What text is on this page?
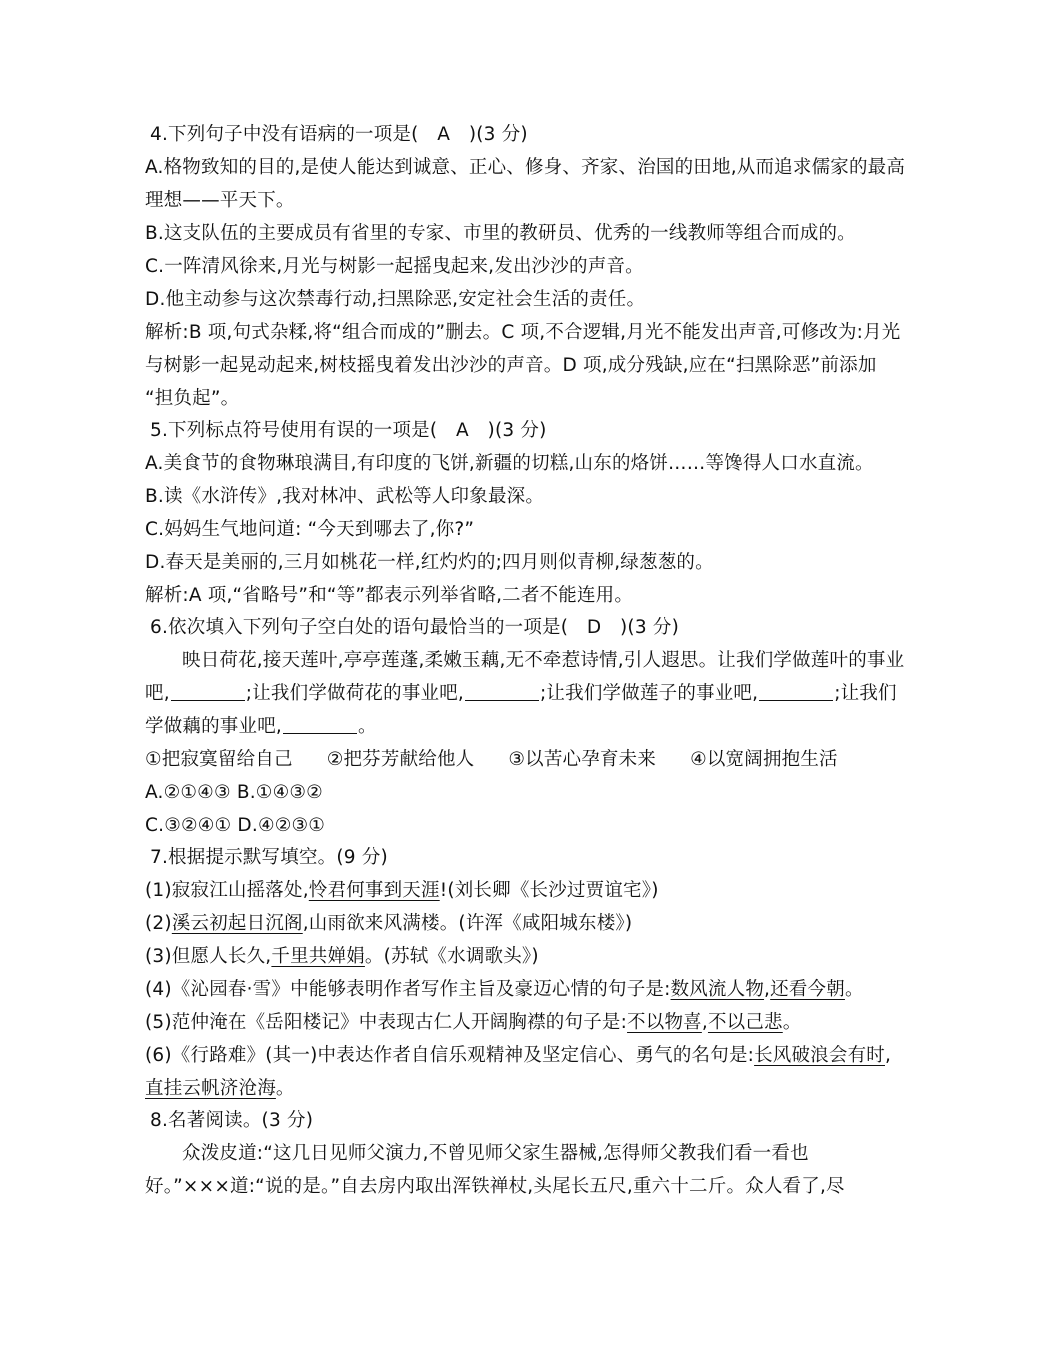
4.下列句子中没有语病的一项是(　A　)(3 分)
A.格物致知的目的,是使人能达到诚意、正心、修身、齐家、治国的田地,从而追求儒家的最高
理想——平天下。
B.这支队伍的主要成员有省里的专家、市里的教研员、优秀的一线教师等组合而成的。
C.一阵清风徐来,月光与树影一起摇曳起来,发出沙沙的声音。
D.他主动参与这次禁毒行动,扫黑除恶,安定社会生活的责任。
解析:B 项,句式杂糅,将“组合而成的”删去。C 项,不合逻辑,月光不能发出声音,可修改为:月光
与树影一起晃动起来,树枝摇曳着发出沙沙的声音。D 项,成分残缺,应在“扫黑除恶”前添加
“担负起”。
5.下列标点符号使用有误的一项是(　A　)(3 分)
A.美食节的食物琳琅满目,有印度的飞饼,新疆的切糕,山东的烙饼……等馋得人口水直流。
B.读《水浒传》,我对林冲、武松等人印象最深。
C.妈妈生气地问道: “今天到哪去了,你?”
D.春天是美丽的,三月如桃花一样,红灼灼的;四月则似青柳,绿葱葱的。
解析:A 项,“省略号”和“等”都表示列举省略,二者不能连用。
6.依次填入下列句子空白处的语句最恰当的一项是(　D　)(3 分)
映日荷花,接天莲叶,亭亭莲蓬,柔嫩玉藕,无不牵惹诗情,引人遐思。让我们学做莲叶的事业
吧,	;让我们学做荷花的事业吧,	;让我们学做莲子的事业吧,	;让我们
学做藕的事业吧,	。
①把寂寞留给自己 ②把芬芳献给他人 ③以苦心孕育未来 ④以宽阔拥抱生活
A.②①④③ B.①④③②
C.③②④① D.④②③①
7.根据提示默写填空。(9 分)
(1)寂寂江山摇落处,怜君何事到天涯!(刘长卿《长沙过贾谊宅》)
(2)溪云初起日沉阁,山雨欲来风满楼。(许浑《咸阳城东楼》)
(3)但愿人长久,千里共婵娟。(苏轼《水调歌头》)
(4)《沁园春·雪》中能够表明作者写作主旨及豪迈心情的句子是:数风流人物,还看今朝。
(5)范仲淹在《岳阳楼记》中表现古仁人开阔胸襟的句子是:不以物喜,不以己悲。
(6)《行路难》(其一)中表达作者自信乐观精神及坚定信心、勇气的名句是:长风破浪会有时,
直挂云帆济沧海。
8.名著阅读。(3 分)
众泼皮道:“这几日见师父演力,不曾见师父家生器械,怎得师父教我们看一看也
好。”×××道:“说的是。”自去房内取出浑铁禅杖,头尾长五尺,重六十二斤。众人看了,尽
